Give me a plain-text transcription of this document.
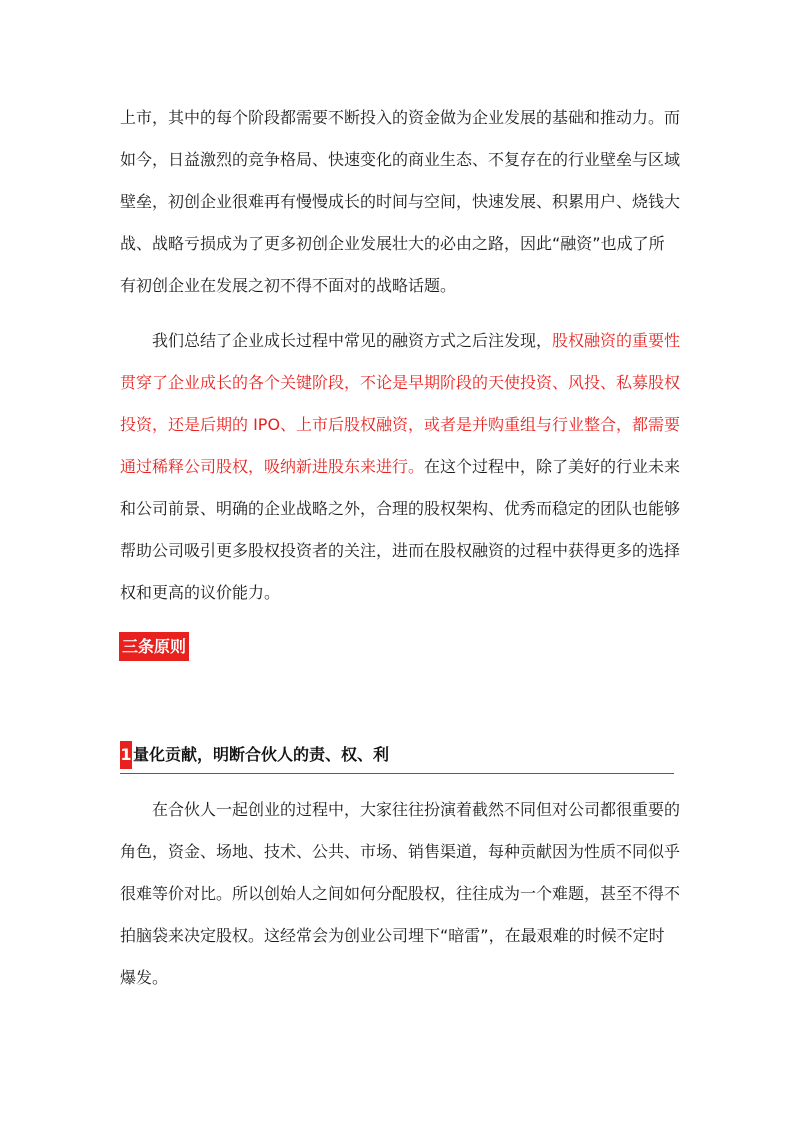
上市，其中的每个阶段都需要不断投入的资金做为企业发展的基础和推动力。而
如今，日益激烈的竞争格局、快速变化的商业生态、不复存在的行业壁垒与区域
壁垒，初创企业很难再有慢慢成长的时间与空间，快速发展、积累用户、烧钱大
战、战略亏损成为了更多初创企业发展壮大的必由之路，因此“融资”也成了所
有初创企业在发展之初不得不面对的战略话题。
我们总结了企业成长过程中常见的融资方式之后注发现，股权融资的重要性
贯穿了企业成长的各个关键阶段，不论是早期阶段的天使投资、风投、私募股权
投资，还是后期的 IPO、上市后股权融资，或者是并购重组与行业整合，都需要
通过稀释公司股权，吸纳新进股东来进行。在这个过程中，除了美好的行业未来
和公司前景、明确的企业战略之外，合理的股权架构、优秀而稳定的团队也能够
帮助公司吸引更多股权投资者的关注，进而在股权融资的过程中获得更多的选择
权和更高的议价能力。
三条原则
1 量化贡献，明断合伙人的责、权、利
在合伙人一起创业的过程中，大家往往扮演着截然不同但对公司都很重要的
角色，资金、场地、技术、公共、市场、销售渠道，每种贡献因为性质不同似乎
很难等价对比。所以创始人之间如何分配股权，往往成为一个难题，甚至不得不
拍脑袋来决定股权。这经常会为创业公司埋下“暗雷”，在最艰难的时候不定时
爆发。
